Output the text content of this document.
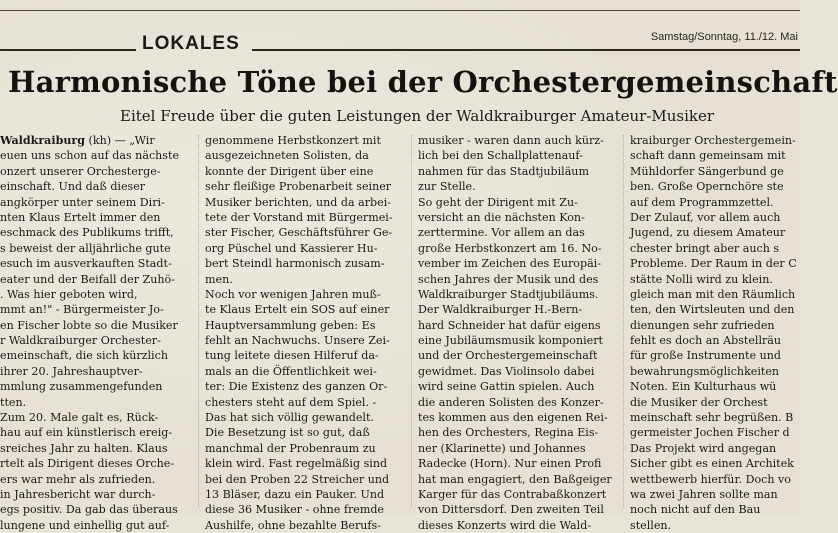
LOKALES	Samstag/Sonntag, 11./12. Mai
Harmonische Töne bei der Orchestergemeinschaft
Eitel Freude über die guten Leistungen der Waldkraiburger Amateur-Musiker
Waldkraiburg (kh) — „Wir
euen uns schon auf das nächste
onzert unserer Orchesterge-
einschaft. Und daß dieser
angkörper unter seinem Diri-
nten Klaus Ertelt immer den
eschmack des Publikums trifft,
s beweist der alljährliche gute
esuch im ausverkauften Stadt-
eater und der Beifall der Zuhö-
. Was hier geboten wird,
mmt an!" - Bürgermeister Jo-
en Fischer lobte so die Musiker
r Waldkraiburger Orchester-
emeinschaft, die sich kürzlich
ihrer 20. Jahreshauptver-
mmlung zusammengefunden
tten.
Zum 20. Male galt es, Rück-
hau auf ein künstlerisch ereig-
sreiches Jahr zu halten. Klaus
rtelt als Dirigent dieses Orche-
ers war mehr als zufrieden.
in Jahresbericht war durch-
egs positiv. Da gab das überaus
lungene und einhellig gut auf-
genommene Herbstkonzert mit
ausgezeichneten Solisten, da
konnte der Dirigent über eine
sehr fleißige Probenarbeit seiner
Musiker berichten, und da arbei-
tete der Vorstand mit Bürgermei-
ster Fischer, Geschäftsführer Ge-
org Püschel und Kassierer Hu-
bert Steindl harmonisch zusam-
men.
Noch vor wenigen Jahren muß-
te Klaus Ertelt ein SOS auf einer
Hauptversammlung geben: Es
fehlt an Nachwuchs. Unsere Zei-
tung leitete diesen Hilferuf da-
mals an die Öffentlichkeit wei-
ter: Die Existenz des ganzen Or-
chesters steht auf dem Spiel. -
Das hat sich völlig gewandelt.
Die Besetzung ist so gut, daß
manchmal der Probenraum zu
klein wird. Fast regelmäßig sind
bei den Proben 22 Streicher und
13 Bläser, dazu ein Pauker. Und
diese 36 Musiker - ohne fremde
Aushilfe, ohne bezahlte Berufs-
musiker - waren dann auch kürz-
lich bei den Schallplattenauf-
nahmen für das Stadtjubiläum
zur Stelle.
So geht der Dirigent mit Zu-
versicht an die nächsten Kon-
zerttermine. Vor allem an das
große Herbstkonzert am 16. No-
vember im Zeichen des Europäi-
schen Jahres der Musik und des
Waldkraiburger Stadtjubiläums.
Der Waldkraiburger H.-Bern-
hard Schneider hat dafür eigens
eine Jubiläumsmusik komponiert
und der Orchestergemeinschaft
gewidmet. Das Violinsolo dabei
wird seine Gattin spielen. Auch
die anderen Solisten des Konzer-
tes kommen aus den eigenen Rei-
hen des Orchesters, Regina Eis-
ner (Klarinette) und Johannes
Radecke (Horn). Nur einen Profi
hat man engagiert, den Baßgeiger
Karger für das Contrabaßkonzert
von Dittersdorf. Den zweiten Teil
dieses Konzerts wird die Wald-
kraiburger Orchestergemein-
schaft dann gemeinsam mit
Mühldorfer Sängerbund ge
ben. Große Opernchöre ste
auf dem Programmzettel.
Der Zulauf, vor allem auch
Jugend, zu diesem Amateur
chester bringt aber auch s
Probleme. Der Raum in der C
stätte Nolli wird zu klein.
gleich man mit den Räumlich
ten, den Wirtsleuten und den
dienungen sehr zufrieden
fehlt es doch an Abstellräu
für große Instrumente und
bewahrungsmöglichkeiten
Noten. Ein Kulturhaus wü
die Musiker der Orchest
meinschaft sehr begrüßen. B
germeister Jochen Fischer d
Das Projekt wird angegan
Sicher gibt es einen Architek
wettbewerb hierfür. Doch vo
wa zwei Jahren sollte man
noch nicht auf den Bau
stellen.
